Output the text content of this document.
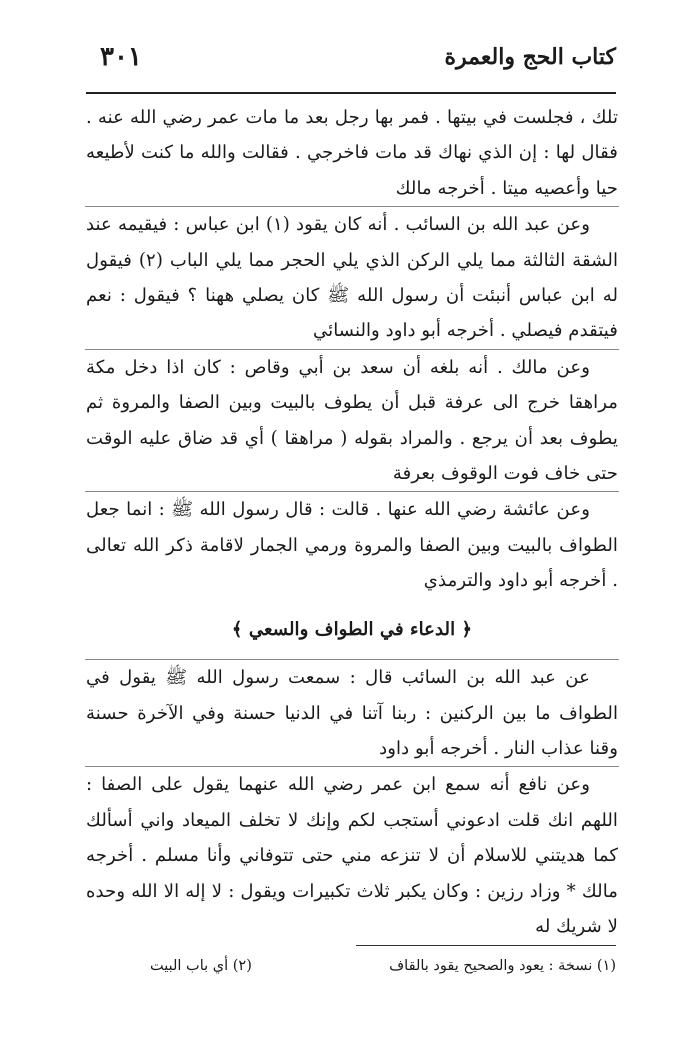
كتاب الحج والعمرة
٣٠١

تلك ، فجلست في بيتها . فمر بها رجل بعد ما مات عمر رضي الله عنه . فقال لها : إن الذي نهاك قد مات فاخرجي . فقالت والله ما كنت لأطيعه حيا وأعصيه ميتا . أخرجه مالك

وعن عبد الله بن السائب . أنه كان يقود (١) ابن عباس : فيقيمه عند الشقة الثالثة مما يلي الركن الذي يلي الحجر مما يلي الباب (٢) فيقول له ابن عباس أنبئت أن رسول الله ﷺ كان يصلي ههنا ؟ فيقول : نعم فيتقدم فيصلي . أخرجه أبو داود والنسائي

وعن مالك . أنه بلغه أن سعد بن أبي وقاص : كان اذا دخل مكة مراهقا خرج الى عرفة قبل أن يطوف بالبيت وبين الصفا والمروة ثم يطوف بعد أن يرجع . والمراد بقوله ( مراهقا ) أي قد ضاق عليه الوقت حتى خاف فوت الوقوف بعرفة

وعن عائشة رضي الله عنها . قالت : قال رسول الله ﷺ : انما جعل الطواف بالبيت وبين الصفا والمروة ورمي الجمار لاقامة ذكر الله تعالى . أخرجه أبو داود والترمذي

﴿ الدعاء في الطواف والسعي ﴾

عن عبد الله بن السائب قال : سمعت رسول الله ﷺ يقول في الطواف ما بين الركنين : ربنا آتنا في الدنيا حسنة وفي الآخرة حسنة وقنا عذاب النار . أخرجه أبو داود

وعن نافع أنه سمع ابن عمر رضي الله عنهما يقول على الصفا : اللهم انك قلت ادعوني أستجب لكم وإنك لا تخلف الميعاد واني أسألك كما هديتني للاسلام أن لا تنزعه مني حتى تتوفاني وأنا مسلم . أخرجه مالك * وزاد رزين : وكان يكبر ثلاث تكبيرات ويقول : لا إله الا الله وحده لا شريك له

(١) نسخة : يعود والصحيح يقود بالقاف
(٢) أي باب البيت
